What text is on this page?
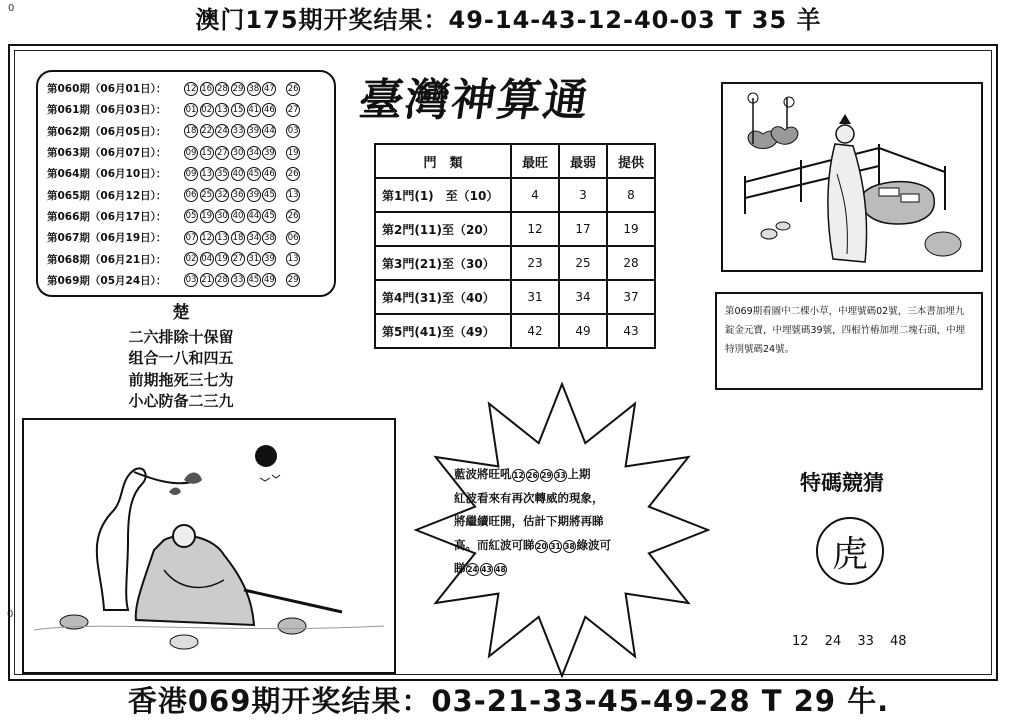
0
0
澳门175期开奖结果：49-14-43-12-40-03 T 35 羊
第060期（06月01日）：	12 16 28 29 38 47 26
第061期（06月03日）：	01 02 13 15 41 46 27
第062期（06月05日）：	18 22 24 33 39 44 03
第063期（06月07日）：	09 15 27 30 34 39 19
第064期（06月10日）：	09 13 35 40 45 46 26
第065期（06月12日）：	06 25 32 36 39 45 13
第066期（06月17日）：	05 19 30 40 44 45 26
第067期（06月19日）：	07 12 13 18 34 38 06
第068期（06月21日）：	02 04 19 27 31 39 13
第069期（05月24日）：	03 21 28 33 45 49 29
臺灣神算通
門　類	最旺	最弱	提供
第1門(1)　至（10）	4	3	8
第2門(11)至（20）	12	17	19
第3門(21)至（30）	23	25	28
第4門(31)至（40）	31	34	37
第5門(41)至（49）	42	49	43
楚
二六排除十保留
组合一八和四五
前期拖死三七为
小心防备二三九
第069期看圖中二棵小草，中埋號碼02號，三本書加埋九錠金元寶，中埋號碼39號，四根竹樁加埋二塊石頭，中埋特別號碼24號。
藍波將旺吼 12 26 29 33 上期
紅波看來有再次轉威的現象，
將繼續旺開，估計下期將再睇
高。而紅波可睇 20 31 38 綠波可
睇 24 43 48
特碼競猜
虎
12 24 33 48
香港069期开奖结果：03-21-33-45-49-28 T 29 牛.
